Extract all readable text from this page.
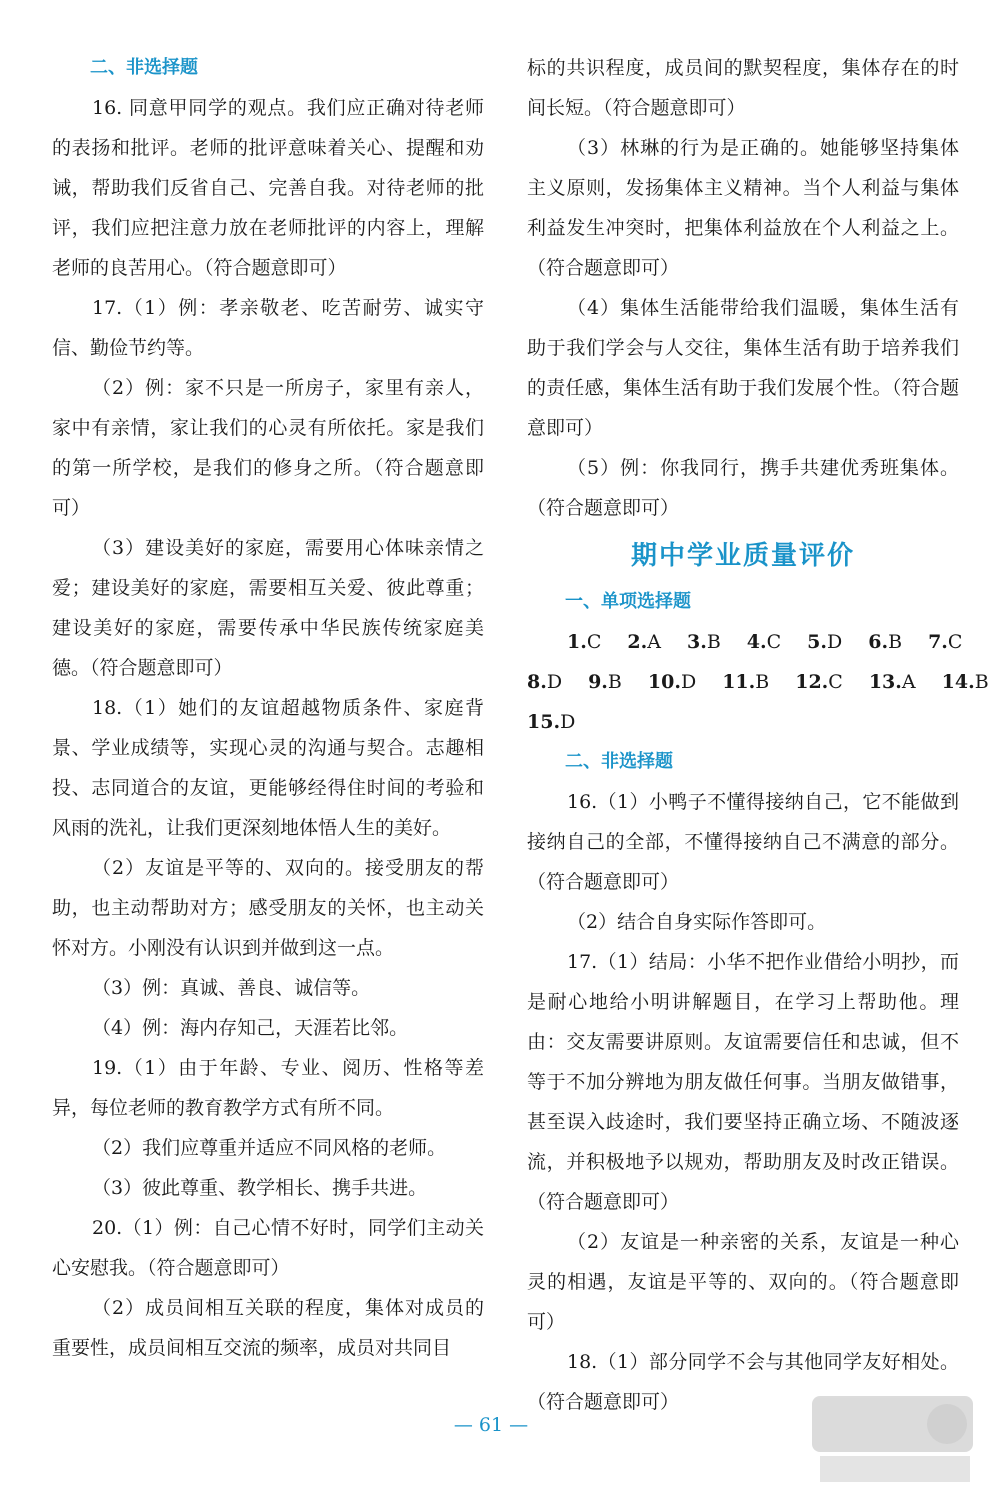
二、非选择题

16. 同意甲同学的观点。我们应正确对待老师的表扬和批评。老师的批评意味着关心、提醒和劝诫，帮助我们反省自己、完善自我。对待老师的批评，我们应把注意力放在老师批评的内容上，理解老师的良苦用心。（符合题意即可）

17.（1）例：孝亲敬老、吃苦耐劳、诚实守信、勤俭节约等。

（2）例：家不只是一所房子，家里有亲人，家中有亲情，家让我们的心灵有所依托。家是我们的第一所学校，是我们的修身之所。（符合题意即可）

（3）建设美好的家庭，需要用心体味亲情之爱；建设美好的家庭，需要相互关爱、彼此尊重；建设美好的家庭，需要传承中华民族传统家庭美德。（符合题意即可）

18.（1）她们的友谊超越物质条件、家庭背景、学业成绩等，实现心灵的沟通与契合。志趣相投、志同道合的友谊，更能够经得住时间的考验和风雨的洗礼，让我们更深刻地体悟人生的美好。

（2）友谊是平等的、双向的。接受朋友的帮助，也主动帮助对方；感受朋友的关怀，也主动关怀对方。小刚没有认识到并做到这一点。

（3）例：真诚、善良、诚信等。

（4）例：海内存知己，天涯若比邻。

19.（1）由于年龄、专业、阅历、性格等差异，每位老师的教育教学方式有所不同。

（2）我们应尊重并适应不同风格的老师。

（3）彼此尊重、教学相长、携手共进。

20.（1）例：自己心情不好时，同学们主动关心安慰我。（符合题意即可）

（2）成员间相互关联的程度，集体对成员的重要性，成员间相互交流的频率，成员对共同目

标的共识程度，成员间的默契程度，集体存在的时间长短。（符合题意即可）

（3）林琳的行为是正确的。她能够坚持集体主义原则，发扬集体主义精神。当个人利益与集体利益发生冲突时，把集体利益放在个人利益之上。（符合题意即可）

（4）集体生活能带给我们温暖，集体生活有助于我们学会与人交往，集体生活有助于培养我们的责任感，集体生活有助于我们发展个性。（符合题意即可）

（5）例：你我同行，携手共建优秀班集体。（符合题意即可）

期中学业质量评价

一、单项选择题

1.C 2.A 3.B 4.C 5.D 6.B 7.C
8.D 9.B 10.D 11.B 12.C 13.A 14.B
15.D

二、非选择题

16.（1）小鸭子不懂得接纳自己，它不能做到接纳自己的全部，不懂得接纳自己不满意的部分。（符合题意即可）

（2）结合自身实际作答即可。

17.（1）结局：小华不把作业借给小明抄，而是耐心地给小明讲解题目，在学习上帮助他。理由：交友需要讲原则。友谊需要信任和忠诚，但不等于不加分辨地为朋友做任何事。当朋友做错事，甚至误入歧途时，我们要坚持正确立场、不随波逐流，并积极地予以规劝，帮助朋友及时改正错误。（符合题意即可）

（2）友谊是一种亲密的关系，友谊是一种心灵的相遇，友谊是平等的、双向的。（符合题意即可）

18.（1）部分同学不会与其他同学友好相处。（符合题意即可）

— 61 —
